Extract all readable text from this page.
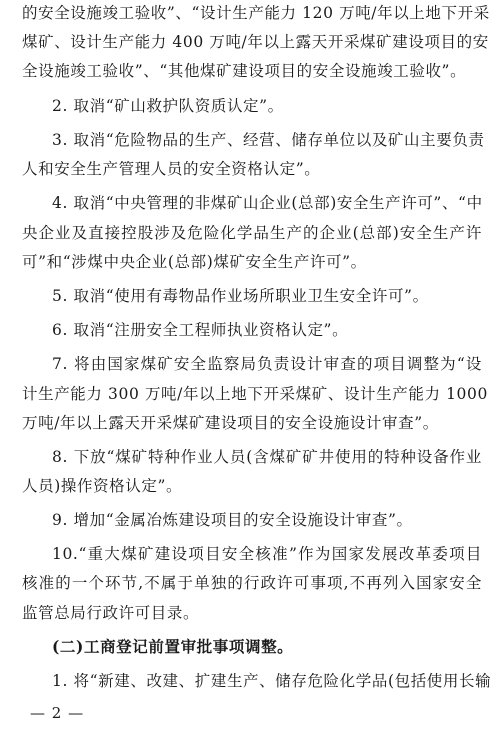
的安全设施竣工验收”、“设计生产能力 120 万吨/年以上地下开采
煤矿、设计生产能力 400 万吨/年以上露天开采煤矿建设项目的安
全设施竣工验收”、“其他煤矿建设项目的安全设施竣工验收”。
2. 取消“矿山救护队资质认定”。
3. 取消“危险物品的生产、经营、储存单位以及矿山主要负责
人和安全生产管理人员的安全资格认定”。
4. 取消“中央管理的非煤矿山企业(总部)安全生产许可”、“中
央企业及直接控股涉及危险化学品生产的企业(总部)安全生产许
可”和“涉煤中央企业(总部)煤矿安全生产许可”。
5. 取消“使用有毒物品作业场所职业卫生安全许可”。
6. 取消“注册安全工程师执业资格认定”。
7. 将由国家煤矿安全监察局负责设计审查的项目调整为“设
计生产能力 300 万吨/年以上地下开采煤矿、设计生产能力 1000
万吨/年以上露天开采煤矿建设项目的安全设施设计审查”。
8. 下放“煤矿特种作业人员(含煤矿矿井使用的特种设备作业
人员)操作资格认定”。
9. 增加“金属冶炼建设项目的安全设施设计审查”。
10.“重大煤矿建设项目安全核准”作为国家发展改革委项目
核准的一个环节,不属于单独的行政许可事项,不再列入国家安全
监管总局行政许可目录。
(二)工商登记前置审批事项调整。
1. 将“新建、改建、扩建生产、储存危险化学品(包括使用长输
— 2 —
